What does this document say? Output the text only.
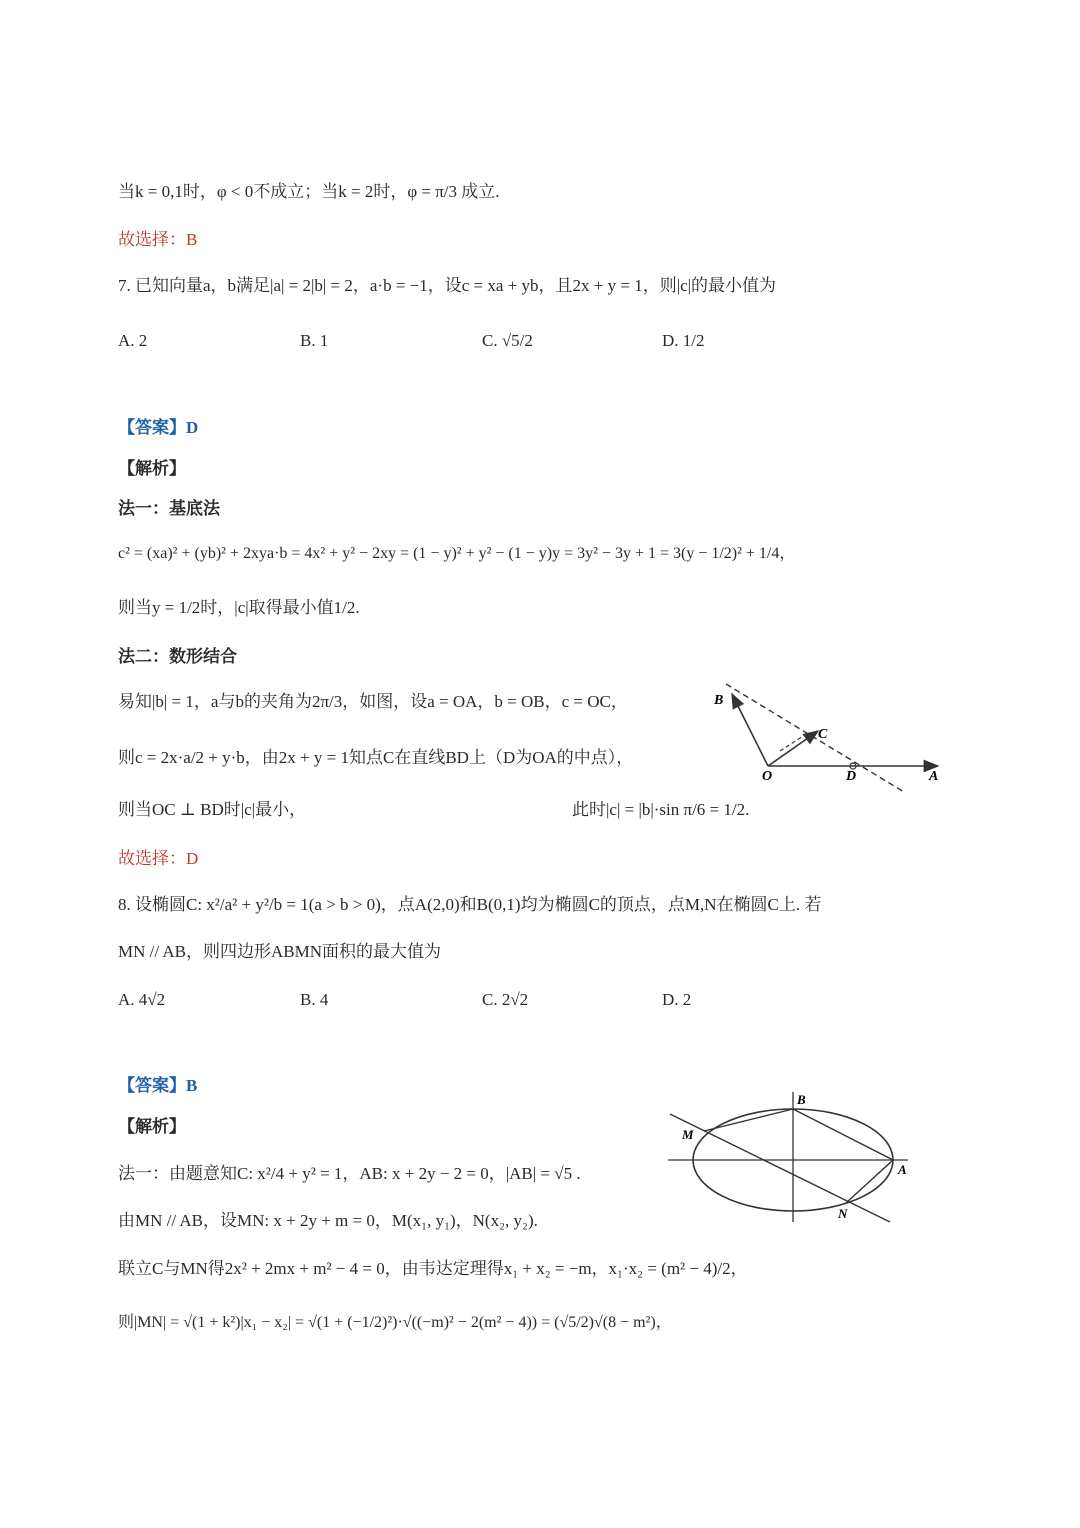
当k = 0,1时，φ < 0不成立；当k = 2时，φ = π/3 成立.
故选择：B
7. 已知向量a，b满足|a| = 2|b| = 2，a·b = −1，设c = xa + yb，且2x + y = 1，则|c|的最小值为
A. 2	B. 1	C. √5/2	D. 1/2
【答案】D
【解析】
法一：基底法
c² = (xa)² + (yb)² + 2xya·b = 4x² + y² − 2xy = (1 − y)² + y² − (1 − y)y = 3y² − 3y + 1 = 3(y − 1/2)² + 1/4，
则当y = 1/2时，|c|取得最小值1/2.
法二：数形结合
易知|b| = 1，a与b的夹角为2π/3，如图，设a = OA，b = OB，c = OC，
则c = 2x·a/2 + y·b，由2x + y = 1知点C在直线BD上（D为OA的中点），
则当OC ⊥ BD时|c|最小，	此时|c| = |b|·sin π/6 = 1/2.
故选择：D
B
C
O	D	A
8. 设椭圆C: x²/a² + y²/b = 1(a > b > 0)，点A(2,0)和B(0,1)均为椭圆C的顶点，点M,N在椭圆C上. 若
MN // AB，则四边形ABMN面积的最大值为
A. 4√2	B. 4	C. 2√2	D. 2
【答案】B
【解析】
法一：由题意知C: x²/4 + y² = 1，AB: x + 2y − 2 = 0，|AB| = √5 .
由MN // AB，设MN: x + 2y + m = 0，M(x₁, y₁)，N(x₂, y₂).
联立C与MN得2x² + 2mx + m² − 4 = 0，由韦达定理得x₁ + x₂ = −m，x₁·x₂ = (m² − 4)/2，
则|MN| = √(1 + k²)|x₁ − x₂| = √(1 + (−1/2)²)·√((−m)² − 2(m² − 4)) = (√5/2)√(8 − m²)，
B
M
A
N
